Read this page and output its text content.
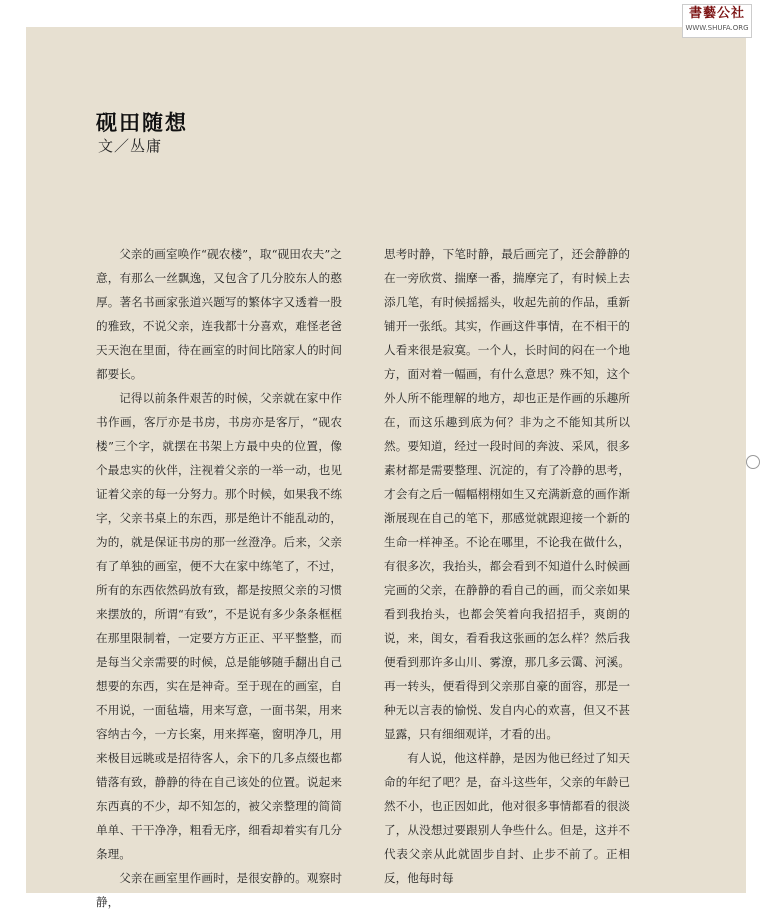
書藝公社
WWW.SHUFA.ORG
砚田随想
文／丛庸

父亲的画室唤作“砚农楼”，取“砚田农夫”之意，有那么一丝飘逸，又包含了几分胶东人的憨厚。著名书画家张道兴题写的繁体字又透着一股的雅致，不说父亲，连我都十分喜欢，难怪老爸天天泡在里面，待在画室的时间比陪家人的时间都要长。

记得以前条件艰苦的时候，父亲就在家中作书作画，客厅亦是书房，书房亦是客厅，“砚农楼”三个字，就摆在书架上方最中央的位置，像个最忠实的伙伴，注视着父亲的一举一动，也见证着父亲的每一分努力。那个时候，如果我不练字，父亲书桌上的东西，那是绝计不能乱动的，为的，就是保证书房的那一丝澄净。后来，父亲有了单独的画室，便不大在家中练笔了，不过，所有的东西依然码放有致，都是按照父亲的习惯来摆放的，所谓“有致”，不是说有多少条条框框在那里限制着，一定要方方正正、平平整整，而是每当父亲需要的时候，总是能够随手翻出自己想要的东西，实在是神奇。至于现在的画室，自不用说，一面毡墙，用来写意，一面书架，用来容纳古今，一方长案，用来挥毫，窗明净几，用来极目远眺或是招待客人，余下的几多点缀也都错落有致，静静的待在自己该处的位置。说起来东西真的不少，却不知怎的，被父亲整理的简简单单、干干净净，粗看无序，细看却着实有几分条理。

父亲在画室里作画时，是很安静的。观察时静，

思考时静，下笔时静，最后画完了，还会静静的在一旁欣赏、揣摩一番，揣摩完了，有时候上去添几笔，有时候摇摇头，收起先前的作品，重新铺开一张纸。其实，作画这件事情，在不相干的人看来很是寂寞。一个人，长时间的闷在一个地方，面对着一幅画，有什么意思？殊不知，这个外人所不能理解的地方，却也正是作画的乐趣所在，而这乐趣到底为何？非为之不能知其所以然。要知道，经过一段时间的奔波、采风，很多素材都是需要整理、沉淀的，有了冷静的思考，才会有之后一幅幅栩栩如生又充满新意的画作渐渐展现在自己的笔下，那感觉就跟迎接一个新的生命一样神圣。不论在哪里，不论我在做什么，有很多次，我抬头，都会看到不知道什么时候画完画的父亲，在静静的看自己的画，而父亲如果看到我抬头，也都会笑着向我招招手，爽朗的说，来，闺女，看看我这张画的怎么样？然后我便看到那许多山川、雾潦，那几多云霭、河溪。再一转头，便看得到父亲那自豪的面容，那是一种无以言表的愉悦、发自内心的欢喜，但又不甚显露，只有细细观详，才看的出。

有人说，他这样静，是因为他已经过了知天命的年纪了吧？是，奋斗这些年，父亲的年龄已然不小，也正因如此，他对很多事情都看的很淡了，从没想过要跟别人争些什么。但是，这并不代表父亲从此就固步自封、止步不前了。正相反，他每时每
